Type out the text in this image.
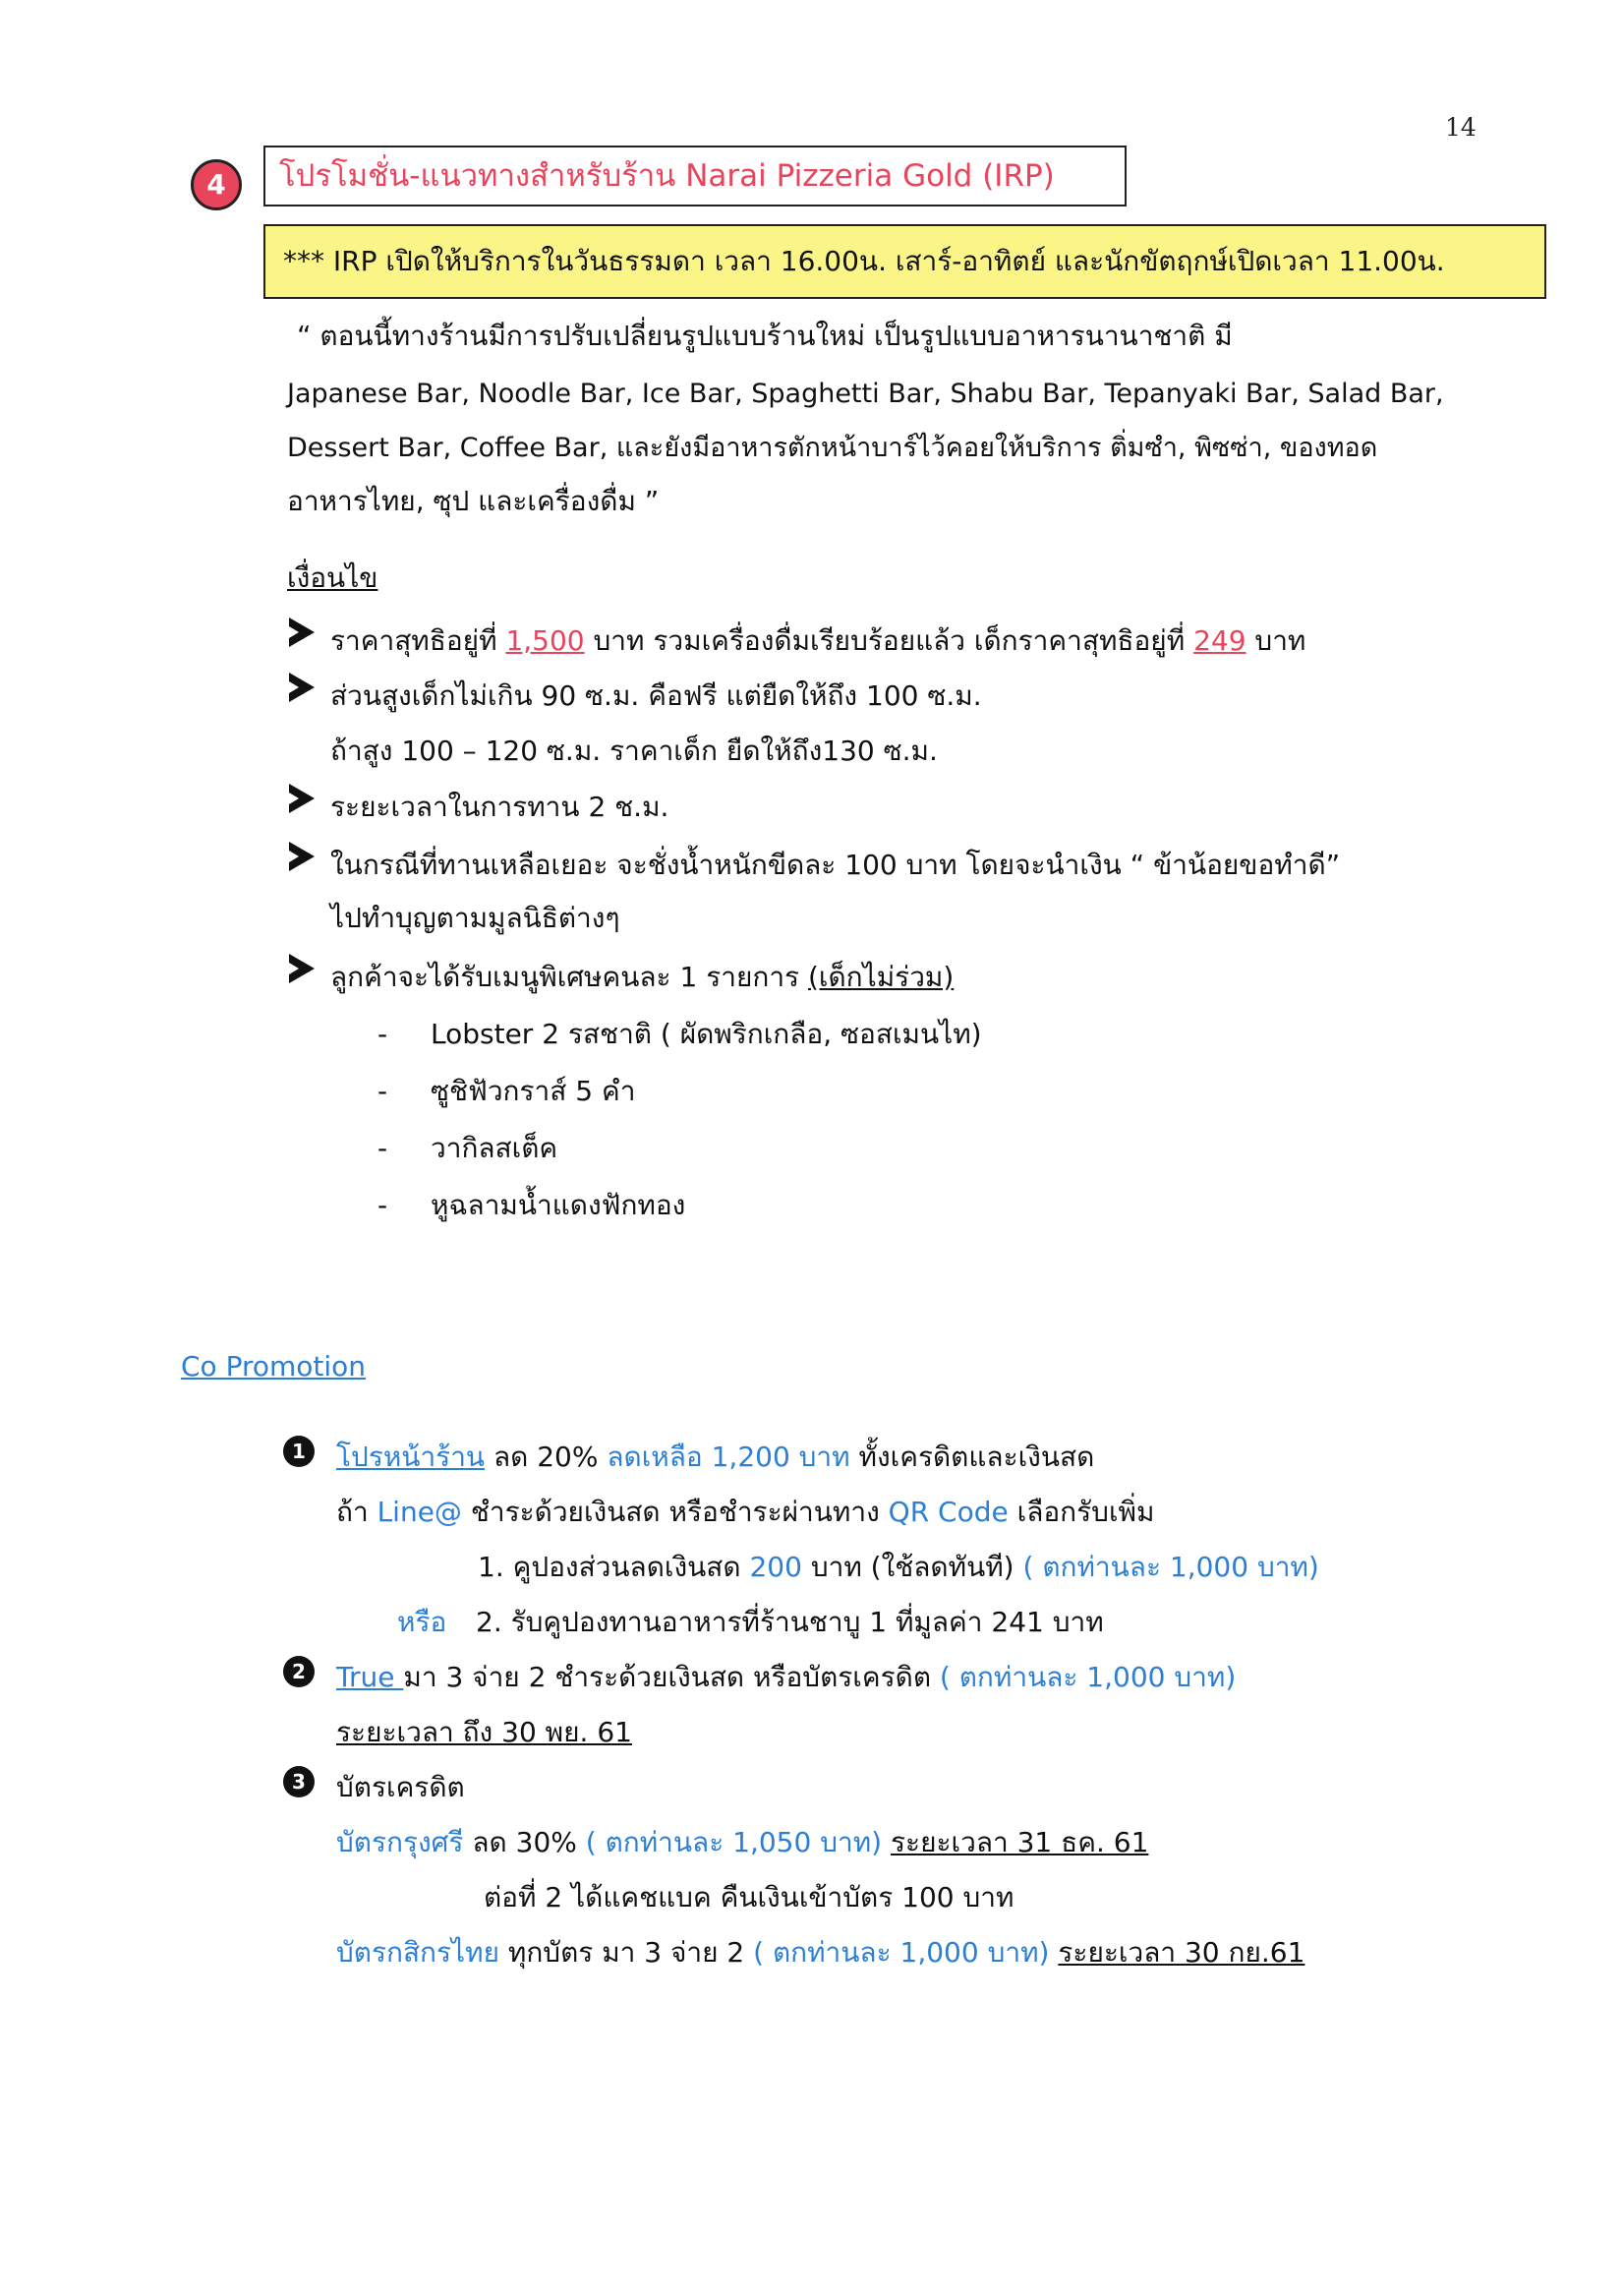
14
4	โปรโมชั่น-แนวทางสำหรับร้าน Narai Pizzeria Gold (IRP)
*** IRP เปิดให้บริการในวันธรรมดา เวลา 16.00น. เสาร์-อาทิตย์ และนักขัตฤกษ์เปิดเวลา 11.00น.
“ ตอนนี้ทางร้านมีการปรับเปลี่ยนรูปแบบร้านใหม่ เป็นรูปแบบอาหารนานาชาติ มี
Japanese Bar, Noodle Bar, Ice Bar, Spaghetti Bar, Shabu Bar, Tepanyaki Bar, Salad Bar,
Dessert Bar, Coffee Bar, และยังมีอาหารตักหน้าบาร์ไว้คอยให้บริการ ติ่มซำ, พิซซ่า, ของทอด
อาหารไทย, ซุป และเครื่องดื่ม ”
เงื่อนไข
ราคาสุทธิอยู่ที่ 1,500 บาท รวมเครื่องดื่มเรียบร้อยแล้ว เด็กราคาสุทธิอยู่ที่ 249 บาท
ส่วนสูงเด็กไม่เกิน 90 ซ.ม. คือฟรี แต่ยืดให้ถึง 100 ซ.ม.
ถ้าสูง 100 – 120 ซ.ม. ราคาเด็ก ยืดให้ถึง130 ซ.ม.
ระยะเวลาในการทาน 2 ช.ม.
ในกรณีที่ทานเหลือเยอะ จะชั่งน้ำหนักขีดละ 100 บาท โดยจะนำเงิน “ ข้าน้อยขอทำดี”
ไปทำบุญตามมูลนิธิต่างๆ
ลูกค้าจะได้รับเมนูพิเศษคนละ 1 รายการ (เด็กไม่ร่วม)
- Lobster 2 รสชาติ ( ผัดพริกเกลือ, ซอสเมนไท)
- ซูชิฟัวกราส์ 5 คำ
- วากิลสเต็ค
- หูฉลามน้ำแดงฟักทอง
Co Promotion
1	โปรหน้าร้าน ลด 20% ลดเหลือ 1,200 บาท ทั้งเครดิตและเงินสด
ถ้า Line@ ชำระด้วยเงินสด หรือชำระผ่านทาง QR Code เลือกรับเพิ่ม
1. คูปองส่วนลดเงินสด 200 บาท (ใช้ลดทันที) ( ตกท่านละ 1,000 บาท)
หรือ 2. รับคูปองทานอาหารที่ร้านชาบู 1 ที่มูลค่า 241 บาท
2	True มา 3 จ่าย 2 ชำระด้วยเงินสด หรือบัตรเครดิต ( ตกท่านละ 1,000 บาท)
ระยะเวลา ถึง 30 พย. 61
3	บัตรเครดิต
บัตรกรุงศรี ลด 30% ( ตกท่านละ 1,050 บาท) ระยะเวลา 31 ธค. 61
ต่อที่ 2 ได้แคชแบค คืนเงินเข้าบัตร 100 บาท
บัตรกสิกรไทย ทุกบัตร มา 3 จ่าย 2 ( ตกท่านละ 1,000 บาท) ระยะเวลา 30 กย.61
